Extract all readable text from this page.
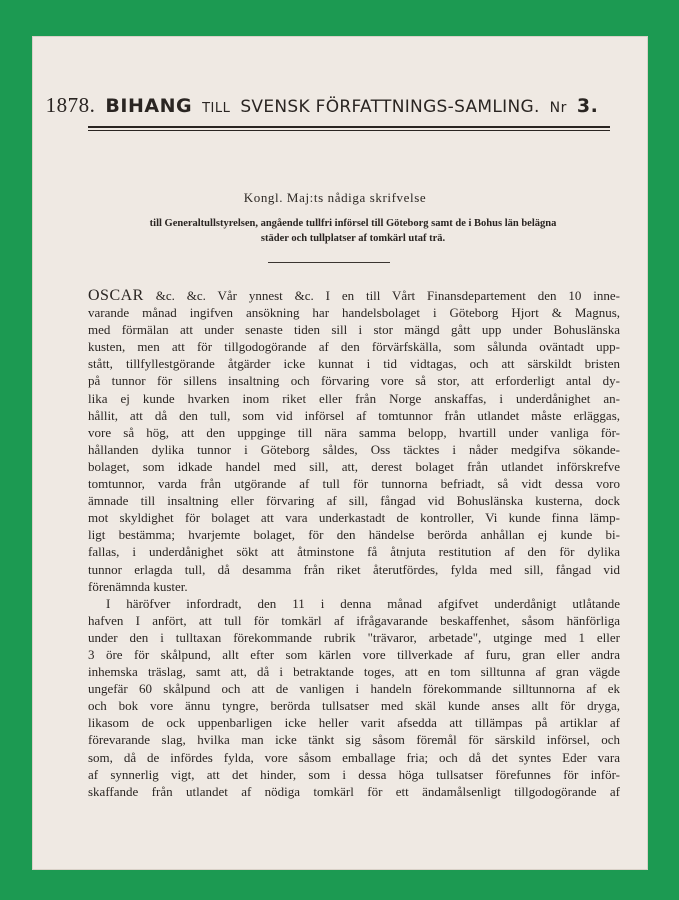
1878. BIHANG TILL SVENSK FÖRFATTNINGS-SAMLING. Nr 3.
Kongl. Maj:ts nådiga skrifvelse
till Generaltullstyrelsen, angående tullfri införsel till Göteborg samt de i Bohus län belägna
städer och tullplatser af tomkärl utaf trä.
OSCAR &c. &c. Vår ynnest &c. I en till Vårt Finansdepartement den 10 inne-
varande månad ingifven ansökning har handelsbolaget i Göteborg Hjort & Magnus,
med förmälan att under senaste tiden sill i stor mängd gått upp under Bohuslänska
kusten, men att för tillgodogörande af den förvärfskälla, som sålunda oväntadt upp-
stått, tillfyllestgörande åtgärder icke kunnat i tid vidtagas, och att särskildt bristen
på tunnor för sillens insaltning och förvaring vore så stor, att erforderligt antal dy-
lika ej kunde hvarken inom riket eller från Norge anskaffas, i underdånighet an-
hållit, att då den tull, som vid införsel af tomtunnor från utlandet måste erläggas,
vore så hög, att den uppginge till nära samma belopp, hvartill under vanliga för-
hållanden dylika tunnor i Göteborg såldes, Oss täcktes i nåder medgifva sökande-
bolaget, som idkade handel med sill, att, derest bolaget från utlandet införskrefve
tomtunnor, varda från utgörande af tull för tunnorna befriadt, så vidt dessa voro
ämnade till insaltning eller förvaring af sill, fångad vid Bohuslänska kusterna, dock
mot skyldighet för bolaget att vara underkastadt de kontroller, Vi kunde finna lämp-
ligt bestämma; hvarjemte bolaget, för den händelse berörda anhållan ej kunde bi-
fallas, i underdånighet sökt att åtminstone få åtnjuta restitution af den för dylika
tunnor erlagda tull, då desamma från riket återutfördes, fylda med sill, fångad vid
förenämnda kuster.
I häröfver infordradt, den 11 i denna månad afgifvet underdånigt utlåtande
hafven I anfört, att tull för tomkärl af ifrågavarande beskaffenhet, såsom hänförliga
under den i tulltaxan förekommande rubrik "trävaror, arbetade", utginge med 1 eller
3 öre för skålpund, allt efter som kärlen vore tillverkade af furu, gran eller andra
inhemska träslag, samt att, då i betraktande toges, att en tom silltunna af gran vägde
ungefär 60 skålpund och att de vanligen i handeln förekommande silltunnorna af ek
och bok vore ännu tyngre, berörda tullsatser med skäl kunde anses allt för dryga,
likasom de ock uppenbarligen icke heller varit afsedda att tillämpas på artiklar af
förevarande slag, hvilka man icke tänkt sig såsom föremål för särskild införsel, och
som, då de infördes fylda, vore såsom emballage fria; och då det syntes Eder vara
af synnerlig vigt, att det hinder, som i dessa höga tullsatser förefunnes för inför-
skaffande från utlandet af nödiga tomkärl för ett ändamålsenligt tillgodogörande af
